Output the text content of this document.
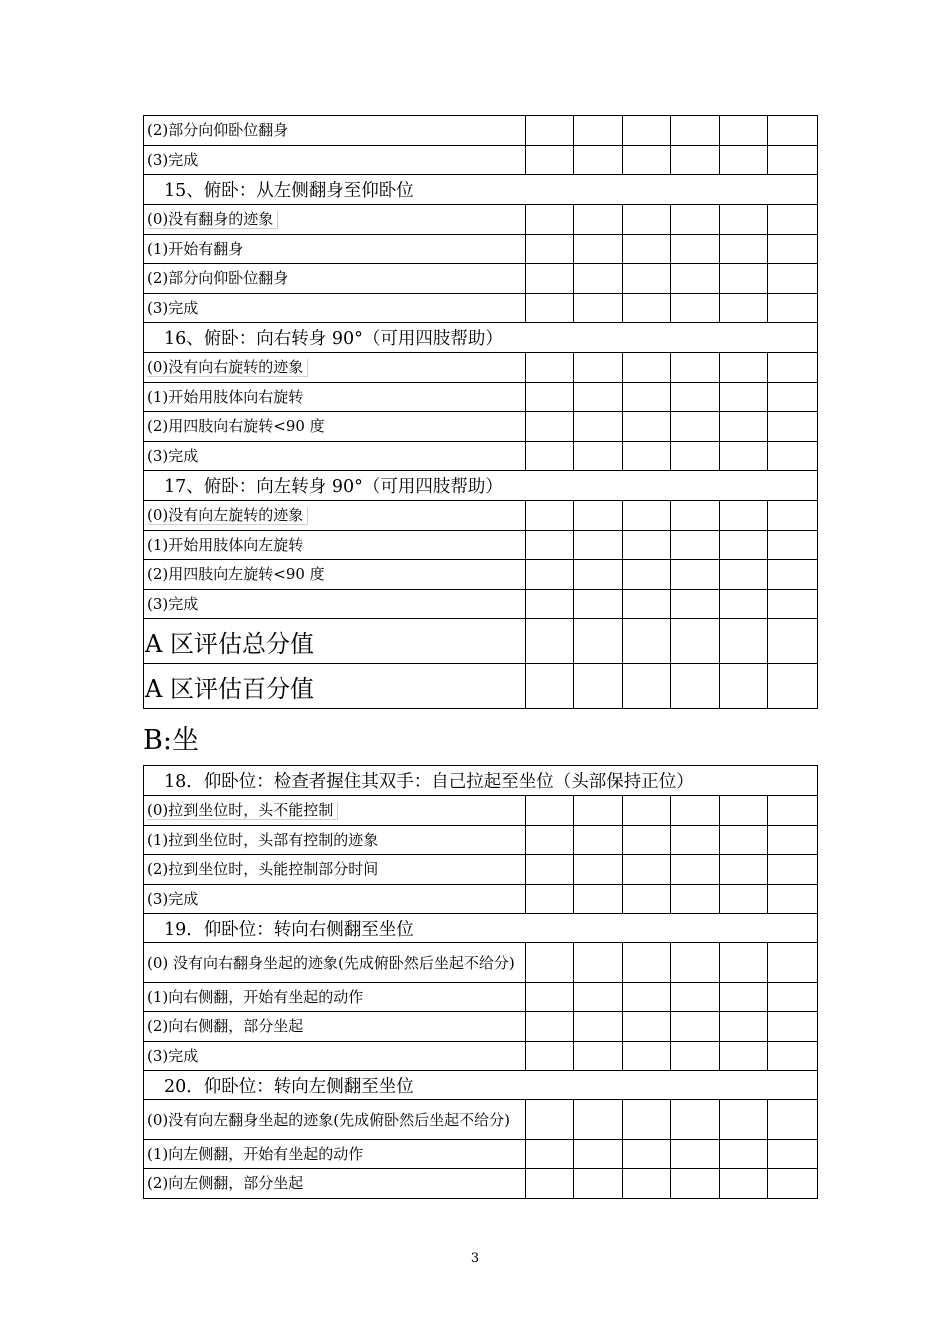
(2)部分向仰卧位翻身						
(3)完成						
15、俯卧：从左侧翻身至仰卧位						
(0)没有翻身的迹象						
(1)开始有翻身						
(2)部分向仰卧位翻身						
(3)完成						
16、俯卧：向右转身 90°（可用四肢帮助）						
(0)没有向右旋转的迹象						
(1)开始用肢体向右旋转						
(2)用四肢向右旋转<90 度						
(3)完成						
17、俯卧：向左转身 90°（可用四肢帮助）						
(0)没有向左旋转的迹象						
(1)开始用肢体向左旋转						
(2)用四肢向左旋转<90 度						
(3)完成						
A 区评估总分值						
A 区评估百分值						
B:坐
18．仰卧位：检查者握住其双手：自己拉起至坐位（头部保持正位）						
(0)拉到坐位时，头不能控制						
(1)拉到坐位时，头部有控制的迹象						
(2)拉到坐位时，头能控制部分时间						
(3)完成						
19．仰卧位：转向右侧翻至坐位						
(0) 没有向右翻身坐起的迹象(先成俯卧然后坐起不给分)						
(1)向右侧翻，开始有坐起的动作						
(2)向右侧翻，部分坐起						
(3)完成						
20．仰卧位：转向左侧翻至坐位						
(0)没有向左翻身坐起的迹象(先成俯卧然后坐起不给分)						
(1)向左侧翻，开始有坐起的动作						
(2)向左侧翻，部分坐起						
3
